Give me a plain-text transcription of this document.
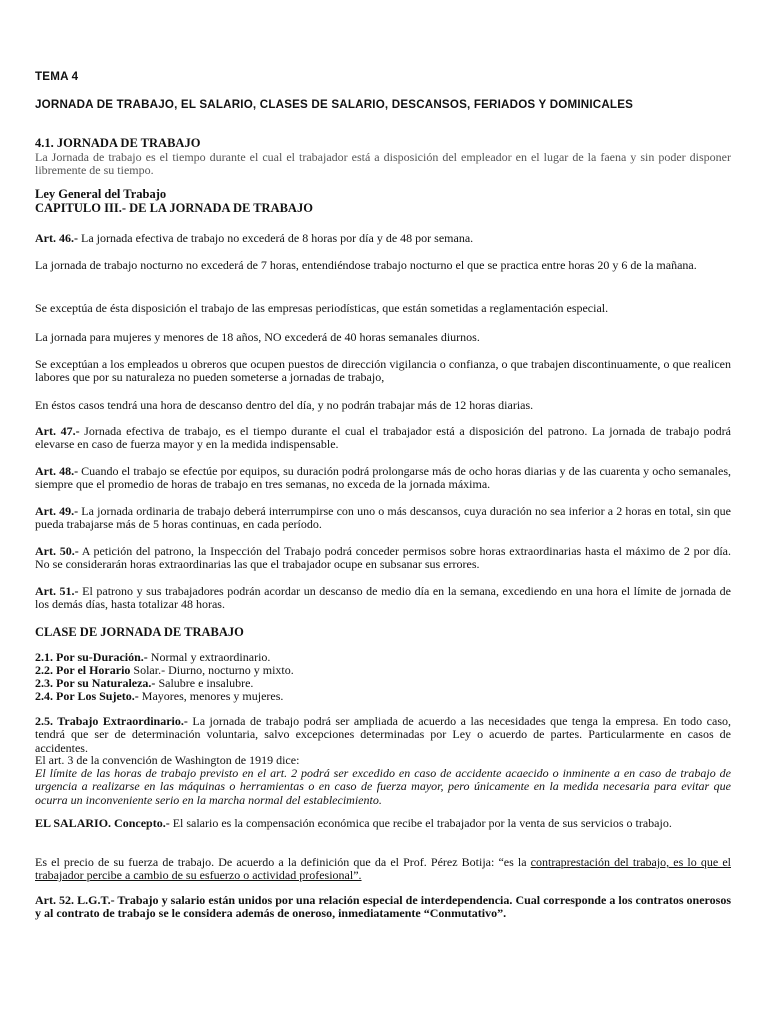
TEMA 4

JORNADA DE TRABAJO, EL SALARIO, CLASES DE SALARIO, DESCANSOS, FERIADOS Y DOMINICALES

4.1. JORNADA DE TRABAJO

La Jornada de trabajo es el tiempo durante el cual el trabajador está a disposición del empleador en el lugar de la faena y sin poder disponer libremente de su tiempo.

Ley General del Trabajo

CAPITULO III.- DE LA JORNADA DE TRABAJO

Art. 46.- La jornada efectiva de trabajo no excederá de 8 horas por día y de 48 por semana.

La jornada de trabajo nocturno no excederá de 7 horas, entendiéndose trabajo nocturno el que se practica entre horas 20 y 6 de la mañana.

Se exceptúa de ésta disposición el trabajo de las empresas periodísticas, que están sometidas a reglamentación especial.

La jornada para mujeres y menores de 18 años, NO excederá de 40 horas semanales diurnos.

Se exceptúan a los empleados u obreros que ocupen puestos de dirección vigilancia o confianza, o que trabajen discontinuamente, o que realicen labores que por su naturaleza no pueden someterse a jornadas de trabajo,

En éstos casos tendrá una hora de descanso dentro del día, y no podrán trabajar más de 12 horas diarias.

Art. 47.- Jornada efectiva de trabajo, es el tiempo durante el cual el trabajador está a disposición del patrono. La jornada de trabajo podrá elevarse en caso de fuerza mayor y en la medida indispensable.

Art. 48.- Cuando el trabajo se efectúe por equipos, su duración podrá prolongarse más de ocho horas diarias y de las cuarenta y ocho semanales, siempre que el promedio de horas de trabajo en tres semanas, no exceda de la jornada máxima.

Art. 49.- La jornada ordinaria de trabajo deberá interrumpirse con uno o más descansos, cuya duración no sea inferior a 2 horas en total, sin que pueda trabajarse más de 5 horas continuas, en cada período.

Art. 50.- A petición del patrono, la Inspección del Trabajo podrá conceder permisos sobre horas extraordinarias hasta el máximo de 2 por día. No se considerarán horas extraordinarias las que el trabajador ocupe en subsanar sus errores.

Art. 51.- El patrono y sus trabajadores podrán acordar un descanso de medio día en la semana, excediendo en una hora el límite de jornada de los demás días, hasta totalizar 48 horas.

CLASE DE JORNADA DE TRABAJO

2.1. Por su-Duración.- Normal y extraordinario.

2.2. Por el Horario Solar.- Diurno, nocturno y mixto.

2.3. Por su Naturaleza.- Salubre e insalubre.

2.4. Por Los Sujeto.- Mayores, menores y mujeres.

2.5. Trabajo Extraordinario.- La jornada de trabajo podrá ser ampliada de acuerdo a las necesidades que tenga la empresa. En todo caso, tendrá que ser de determinación voluntaria, salvo excepciones determinadas por Ley o acuerdo de partes. Particularmente en casos de accidentes.

El art. 3 de la convención de Washington de 1919 dice:

El límite de las horas de trabajo previsto en el art. 2 podrá ser excedido en caso de accidente acaecido o inminente a en caso de trabajo de urgencia a realizarse en las máquinas o herramientas o en caso de fuerza mayor, pero únicamente en la medida necesaria para evitar que ocurra un inconveniente serio en la marcha normal del establecimiento.

EL SALARIO. Concepto.- El salario es la compensación económica que recibe el trabajador por la venta de sus servicios o trabajo.

Es el precio de su fuerza de trabajo. De acuerdo a la definición que da el Prof. Pérez Botija: “es la contraprestación del trabajo, es lo que el trabajador percibe a cambio de su esfuerzo o actividad profesional”.

Art. 52. L.G.T.- Trabajo y salario están unidos por una relación especial de interdependencia. Cual corresponde a los contratos onerosos y al contrato de trabajo se le considera además de oneroso, inmediatamente “Conmutativo”.
